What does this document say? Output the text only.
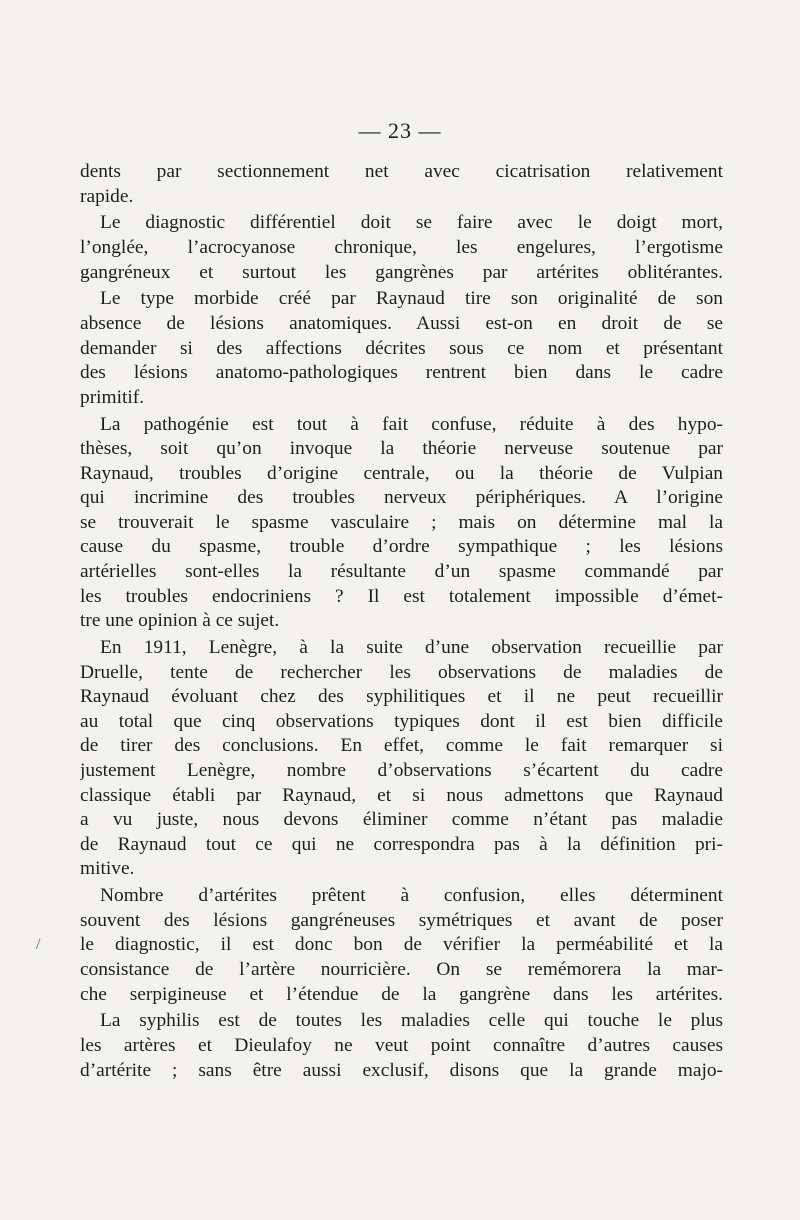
— 23 —

dents par sectionnement net avec cicatrisation relativement
rapide.

Le diagnostic différentiel doit se faire avec le doigt mort,
l’onglée, l’acrocyanose chronique, les engelures, l’ergotisme
gangréneux et surtout les gangrènes par artérites oblitérantes.

Le type morbide créé par Raynaud tire son originalité de son
absence de lésions anatomiques. Aussi est-on en droit de se
demander si des affections décrites sous ce nom et présentant
des lésions anatomo-pathologiques rentrent bien dans le cadre
primitif.

La pathogénie est tout à fait confuse, réduite à des hypo-
thèses, soit qu’on invoque la théorie nerveuse soutenue par
Raynaud, troubles d’origine centrale, ou la théorie de Vulpian
qui incrimine des troubles nerveux périphériques. A l’origine
se trouverait le spasme vasculaire ; mais on détermine mal la
cause du spasme, trouble d’ordre sympathique ; les lésions
artérielles sont-elles la résultante d’un spasme commandé par
les troubles endocriniens ? Il est totalement impossible d’émet-
tre une opinion à ce sujet.

En 1911, Lenègre, à la suite d’une observation recueillie par
Druelle, tente de rechercher les observations de maladies de
Raynaud évoluant chez des syphilitiques et il ne peut recueillir
au total que cinq observations typiques dont il est bien difficile
de tirer des conclusions. En effet, comme le fait remarquer si
justement Lenègre, nombre d’observations s’écartent du cadre
classique établi par Raynaud, et si nous admettons que Raynaud
a vu juste, nous devons éliminer comme n’étant pas maladie
de Raynaud tout ce qui ne correspondra pas à la définition pri-
mitive.

Nombre d’artérites prêtent à confusion, elles déterminent
souvent des lésions gangréneuses symétriques et avant de poser
le diagnostic, il est donc bon de vérifier la perméabilité et la
consistance de l’artère nourricière. On se remémorera la mar-
che serpigineuse et l’étendue de la gangrène dans les artérites.

La syphilis est de toutes les maladies celle qui touche le plus
les artères et Dieulafoy ne veut point connaître d’autres causes
d’artérite ; sans être aussi exclusif, disons que la grande majo-

/
